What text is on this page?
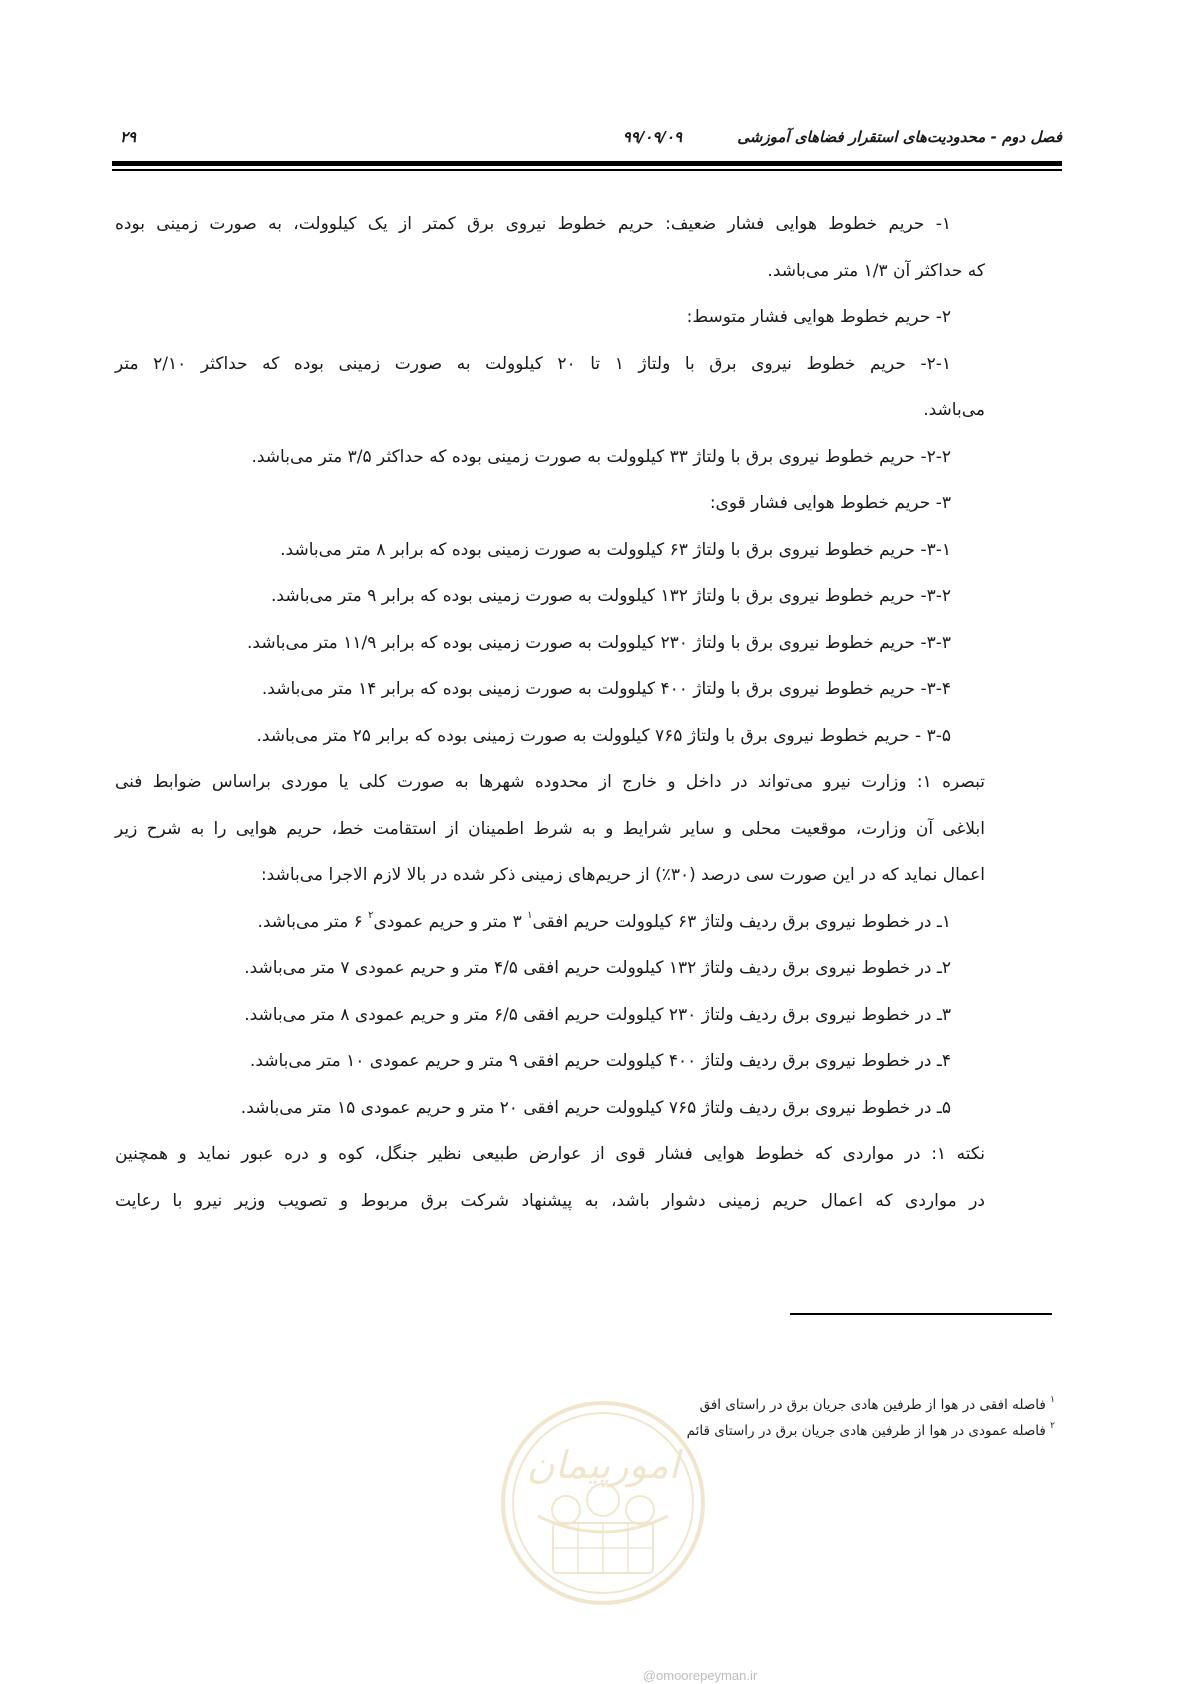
فصل دوم - محدودیت‌های استقرار فضاهای آموزشی
۹۹/۰۹/۰۹
۲۹
۱- حریم خطوط هوایی فشار ضعیف: حریم خطوط نیروی برق کمتر از یک کیلوولت، به صورت زمینی بوده
که حداکثر آن ۱/۳ متر می‌باشد.
۲- حریم خطوط هوایی فشار متوسط:
۲-۱- حریم خطوط نیروی برق با ولتاژ ۱ تا ۲۰ کیلوولت به صورت زمینی بوده که حداکثر ۲/۱۰ متر
می‌باشد.
۲-۲- حریم خطوط نیروی برق با ولتاژ ۳۳ کیلوولت به صورت زمینی بوده که حداکثر ۳/۵ متر می‌باشد.
۳- حریم خطوط هوایی فشار قوی:
۳-۱- حریم خطوط نیروی برق با ولتاژ ۶۳ کیلوولت به صورت زمینی بوده که برابر ۸ متر می‌باشد.
۳-۲- حریم خطوط نیروی برق با ولتاژ ۱۳۲ کیلوولت به صورت زمینی بوده که برابر ۹ متر می‌باشد.
۳-۳- حریم خطوط نیروی برق با ولتاژ ۲۳۰ کیلوولت به صورت زمینی بوده که برابر ۱۱/۹ متر می‌باشد.
۳-۴- حریم خطوط نیروی برق با ولتاژ ۴۰۰ کیلوولت به صورت زمینی بوده که برابر ۱۴ متر می‌باشد.
۳-۵ - حریم خطوط نیروی برق با ولتاژ ۷۶۵ کیلوولت به صورت زمینی بوده که برابر ۲۵ متر می‌باشد.
تبصره ۱: وزارت نیرو می‌تواند در داخل و خارج از محدوده شهرها به صورت کلی یا موردی براساس ضوابط فنی
ابلاغی آن وزارت، موقعیت محلی و سایر شرایط و به شرط اطمینان از استقامت خط، حریم هوایی را به شرح زیر
اعمال نماید که در این صورت سی درصد (۳۰٪) از حریم‌های زمینی ذکر شده در بالا لازم الاجرا می‌باشد:
۱ـ در خطوط نیروی برق ردیف ولتاژ ۶۳ کیلوولت حریم افقی$^۱$ ۳ متر و حریم عمودی$^۲$ ۶ متر می‌باشد.
۲ـ در خطوط نیروی برق ردیف ولتاژ ۱۳۲ کیلوولت حریم افقی ۴/۵ متر و حریم عمودی ۷ متر می‌باشد.
۳ـ در خطوط نیروی برق ردیف ولتاژ ۲۳۰ کیلوولت حریم افقی ۶/۵ متر و حریم عمودی ۸ متر می‌باشد.
۴ـ در خطوط نیروی برق ردیف ولتاژ ۴۰۰ کیلوولت حریم افقی ۹ متر و حریم عمودی ۱۰ متر می‌باشد.
۵ـ در خطوط نیروی برق ردیف ولتاژ ۷۶۵ کیلوولت حریم افقی ۲۰ متر و حریم عمودی ۱۵ متر می‌باشد.
نکته ۱: در مواردی که خطوط هوایی فشار قوی از عوارض طبیعی نظیر جنگل، کوه و دره عبور نماید و همچنین
در مواردی که اعمال حریم زمینی دشوار باشد، به پیشنهاد شرکت برق مربوط و تصویب وزیر نیرو با رعایت
$^۱$ فاصله افقی در هوا از طرفین هادی جریان برق در راستای افق
$^۲$ فاصله عمودی در هوا از طرفین هادی جریان برق در راستای قائم
امورپیمان
@omoorepeyman.ir
